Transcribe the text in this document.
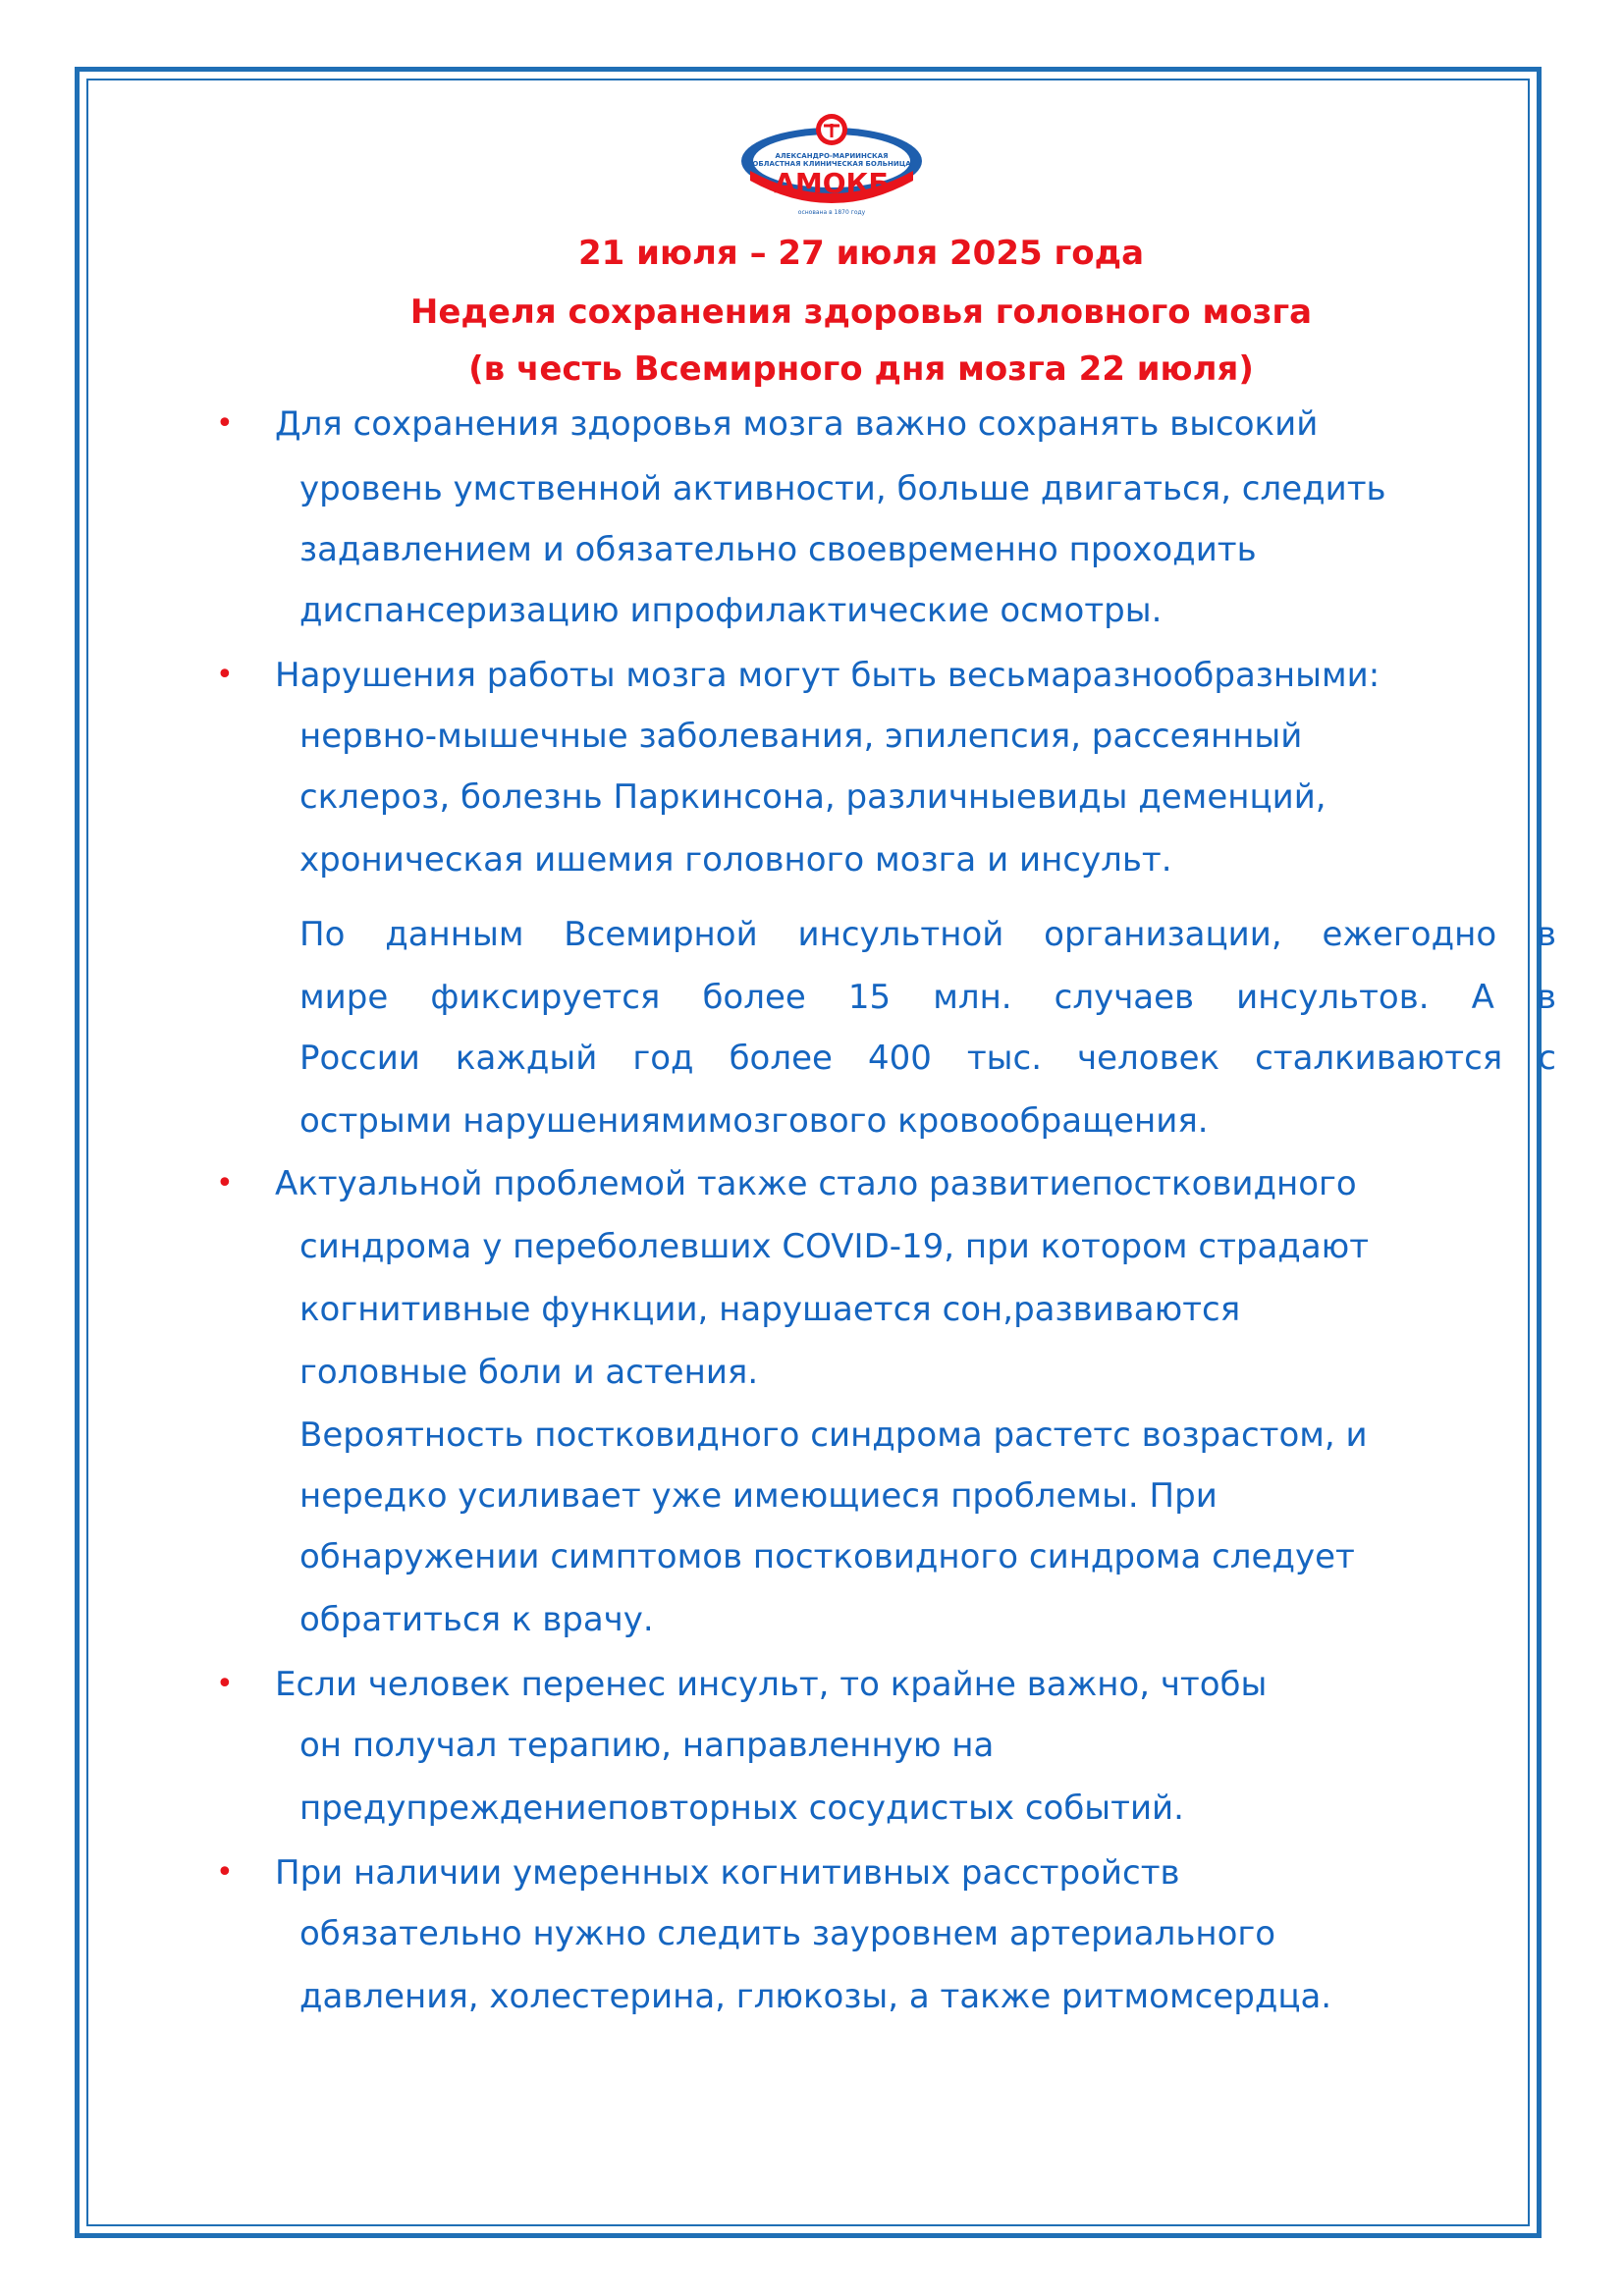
АЛЕКСАНДРО-МАРИИНСКАЯ
ОБЛАСТНАЯ КЛИНИЧЕСКАЯ БОЛЬНИЦА
АМОКБ
основана в 1870 году
21 июля – 27 июля 2025 года
Неделя сохранения здоровья головного мозга
(в честь Всемирного дня мозга 22 июля)
• Для сохранения здоровья мозга важно сохранять высокий
уровень умственной активности, больше двигаться, следить
задавлением и обязательно своевременно проходить
диспансеризацию ипрофилактические осмотры.
• Нарушения работы мозга могут быть весьмаразнообразными:
нервно-мышечные заболевания, эпилепсия, рассеянный
склероз, болезнь Паркинсона, различныевиды деменций,
хроническая ишемия головного мозга и инсульт.
По данным Всемирной инсультной организации, ежегодно в
мире фиксируется более 15 млн. случаев инсультов. А в
России каждый год более 400 тыс. человек сталкиваются с
острыми нарушениямимозгового кровообращения.
• Актуальной проблемой также стало развитиепостковидного
синдрома у переболевших COVID-19, при котором страдают
когнитивные функции, нарушается сон,развиваются
головные боли и астения.
Вероятность постковидного синдрома растетс возрастом, и
нередко усиливает уже имеющиеся проблемы. При
обнаружении симптомов постковидного синдрома следует
обратиться к врачу.
• Если человек перенес инсульт, то крайне важно, чтобы
он получал терапию, направленную на
предупреждениеповторных сосудистых событий.
• При наличии умеренных когнитивных расстройств
обязательно нужно следить зауровнем артериального
давления, холестерина, глюкозы, а также ритмомсердца.
